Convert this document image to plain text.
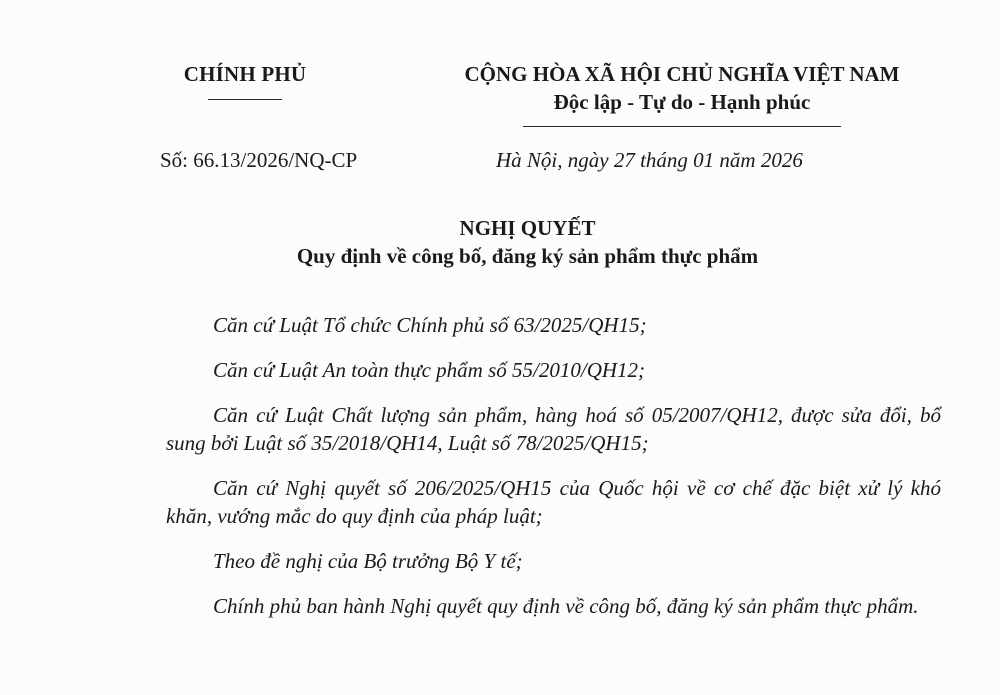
CHÍNH PHỦ	CỘNG HÒA XÃ HỘI CHỦ NGHĨA VIỆT NAM
Độc lập - Tự do - Hạnh phúc
Số: 66.13/2026/NQ-CP	Hà Nội, ngày 27 tháng 01 năm 2026
NGHỊ QUYẾT
Quy định về công bố, đăng ký sản phẩm thực phẩm

Căn cứ Luật Tổ chức Chính phủ số 63/2025/QH15;

Căn cứ Luật An toàn thực phẩm số 55/2010/QH12;

Căn cứ Luật Chất lượng sản phẩm, hàng hoá số 05/2007/QH12, được sửa đổi, bổ sung bởi Luật số 35/2018/QH14, Luật số 78/2025/QH15;

Căn cứ Nghị quyết số 206/2025/QH15 của Quốc hội về cơ chế đặc biệt xử lý khó khăn, vướng mắc do quy định của pháp luật;

Theo đề nghị của Bộ trưởng Bộ Y tế;

Chính phủ ban hành Nghị quyết quy định về công bố, đăng ký sản phẩm thực phẩm.
